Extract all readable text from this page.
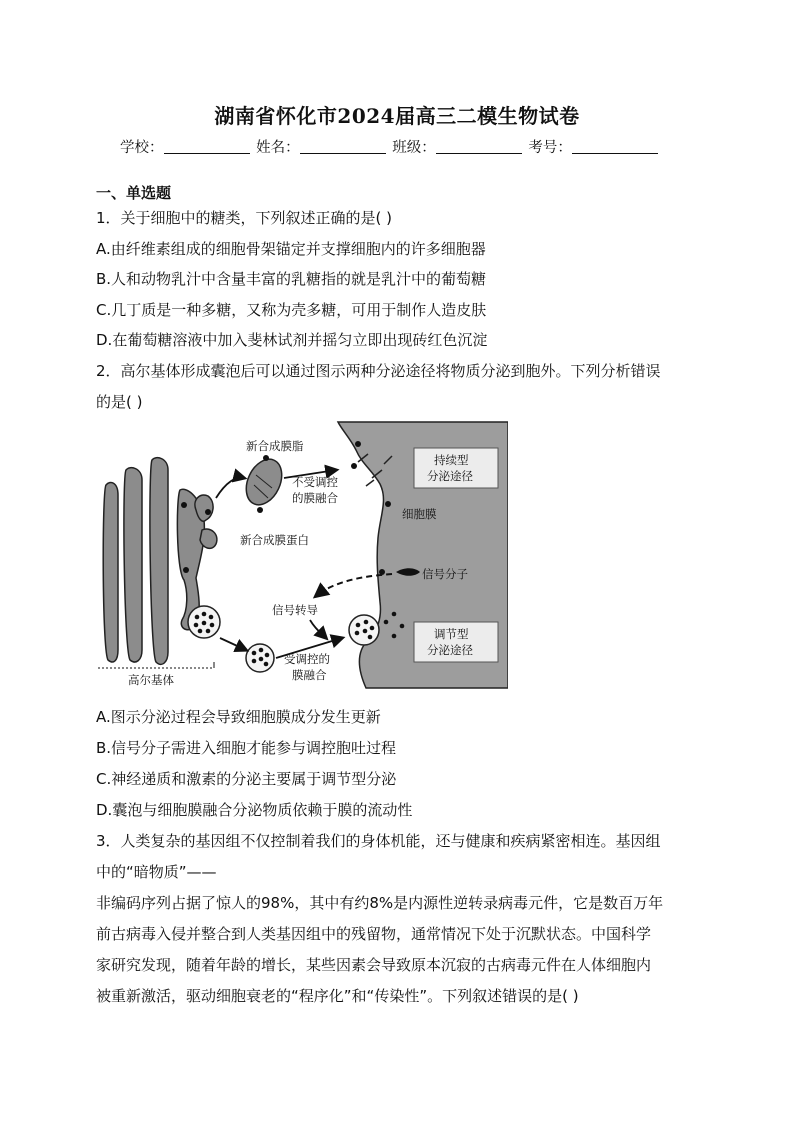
湖南省怀化市2024届高三二模生物试卷
学校：	姓名：	班级：	考号：
一、单选题
1．关于细胞中的糖类，下列叙述正确的是( )
A.由纤维素组成的细胞骨架锚定并支撑细胞内的许多细胞器
B.人和动物乳汁中含量丰富的乳糖指的就是乳汁中的葡萄糖
C.几丁质是一种多糖，又称为壳多糖，可用于制作人造皮肤
D.在葡萄糖溶液中加入斐林试剂并摇匀立即出现砖红色沉淀
2．高尔基体形成囊泡后可以通过图示两种分泌途径将物质分泌到胞外。下列分析错误
的是( )
新合成膜脂
不受调控
的膜融合
新合成膜蛋白
持续型
分泌途径
细胞膜
信号分子
信号转导
受调控的
膜融合
调节型
分泌途径
高尔基体
A.图示分泌过程会导致细胞膜成分发生更新
B.信号分子需进入细胞才能参与调控胞吐过程
C.神经递质和激素的分泌主要属于调节型分泌
D.囊泡与细胞膜融合分泌物质依赖于膜的流动性
3．人类复杂的基因组不仅控制着我们的身体机能，还与健康和疾病紧密相连。基因组
中的“暗物质”——
非编码序列占据了惊人的98%，其中有约8%是内源性逆转录病毒元件，它是数百万年
前古病毒入侵并整合到人类基因组中的残留物，通常情况下处于沉默状态。中国科学
家研究发现，随着年龄的增长，某些因素会导致原本沉寂的古病毒元件在人体细胞内
被重新激活，驱动细胞衰老的“程序化”和“传染性”。下列叙述错误的是( )
